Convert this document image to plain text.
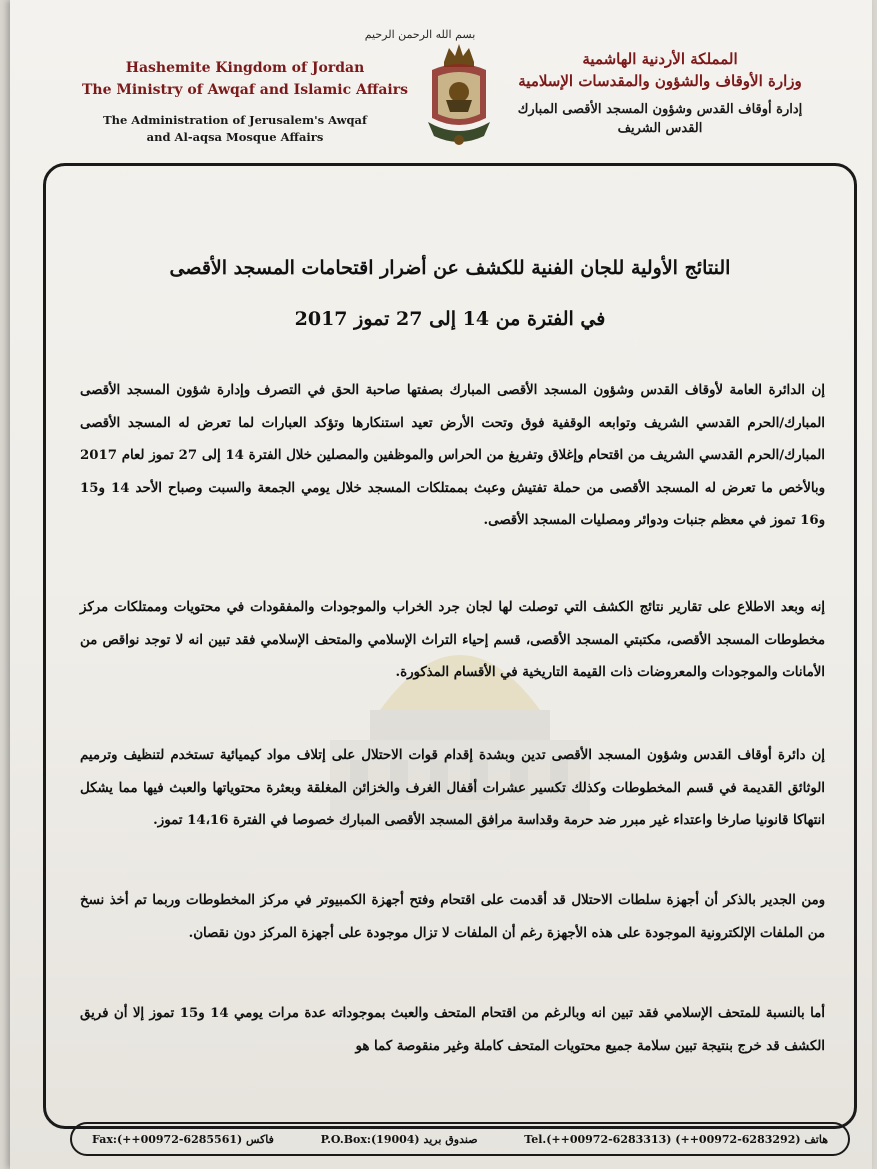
بسم الله الرحمن الرحيم
Hashemite Kingdom of Jordan
The Ministry of Awqaf and Islamic Affairs
The Administration of Jerusalem's Awqaf
and Al-aqsa Mosque Affairs
المملكة الأردنية الهاشمية
وزارة الأوقاف والشؤون والمقدسات الإسلامية
إدارة أوقاف القدس وشؤون المسجد الأقصى المبارك
القدس الشريف
النتائج الأولية للجان الفنية للكشف عن أضرار اقتحامات المسجد الأقصى
في الفترة من 14 إلى 27 تموز 2017
إن الدائرة العامة لأوقاف القدس وشؤون المسجد الأقصى المبارك بصفتها صاحبة الحق في التصرف وإدارة شؤون المسجد الأقصى المبارك/الحرم القدسي الشريف وتوابعه الوقفية فوق وتحت الأرض تعيد استنكارها وتؤكد العبارات لما تعرض له المسجد الأقصى المبارك/الحرم القدسي الشريف من اقتحام وإغلاق وتفريغ من الحراس والموظفين والمصلين خلال الفترة 14 إلى 27 تموز لعام 2017 وبالأخص ما تعرض له المسجد الأقصى من حملة تفتيش وعبث بممتلكات المسجد خلال يومي الجمعة والسبت وصباح الأحد 14 و15 و16 تموز في معظم جنبات ودوائر ومصليات المسجد الأقصى.
إنه وبعد الاطلاع على تقارير نتائج الكشف التي توصلت لها لجان جرد الخراب والموجودات والمفقودات في محتويات وممتلكات مركز مخطوطات المسجد الأقصى، مكتبتي المسجد الأقصى، قسم إحياء التراث الإسلامي والمتحف الإسلامي فقد تبين انه لا توجد نواقص من الأمانات والموجودات والمعروضات ذات القيمة التاريخية في الأقسام المذكورة.
إن دائرة أوقاف القدس وشؤون المسجد الأقصى تدين وبشدة إقدام قوات الاحتلال على إتلاف مواد كيميائية تستخدم لتنظيف وترميم الوثائق القديمة في قسم المخطوطات وكذلك تكسير عشرات أقفال الغرف والخزائن المغلقة وبعثرة محتوياتها والعبث فيها مما يشكل انتهاكا قانونيا صارخا واعتداء غير مبرر ضد حرمة وقداسة مرافق المسجد الأقصى المبارك خصوصا في الفترة 14،16 تموز.
ومن الجدير بالذكر أن أجهزة سلطات الاحتلال قد أقدمت على اقتحام وفتح أجهزة الكمبيوتر في مركز المخطوطات وربما تم أخذ نسخ من الملفات الإلكترونية الموجودة على هذه الأجهزة رغم أن الملفات لا تزال موجودة على أجهزة المركز دون نقصان.
أما بالنسبة للمتحف الإسلامي فقد تبين انه وبالرغم من اقتحام المتحف والعبث بموجوداته عدة مرات يومي 14 و15 تموز إلا أن فريق الكشف قد خرج بنتيجة تبين سلامة جميع محتويات المتحف كاملة وغير منقوصة كما هو
Fax:(++00972-6285561) فاكس	P.O.Box:(19004) صندوق بريد	Tel.(++00972-6283313) (++00972-6283292) هاتف
